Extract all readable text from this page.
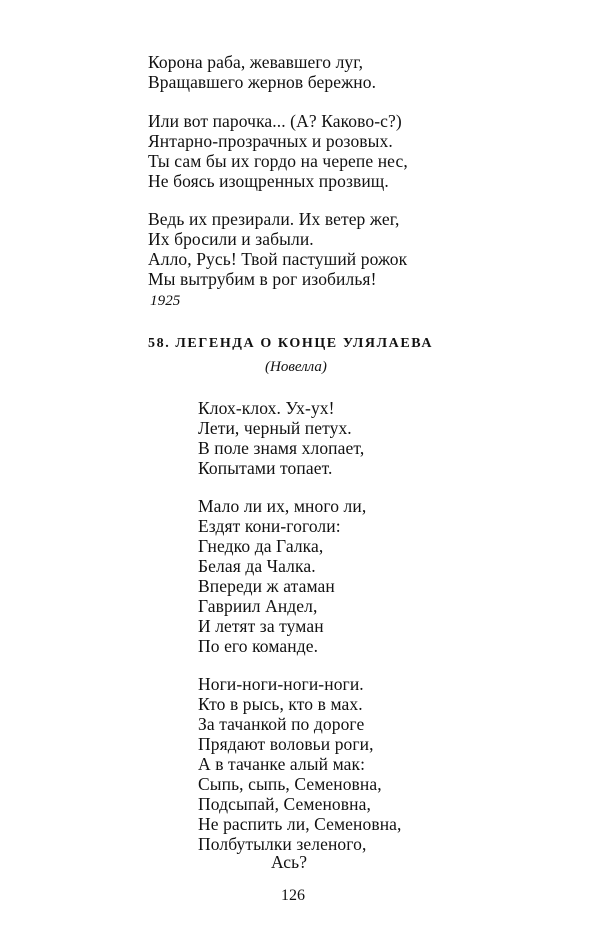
Корона раба, жевавшего луг,
Вращавшего жернов бережно.
Или вот парочка... (А? Каково-с?)
Янтарно-прозрачных и розовых.
Ты сам бы их гордо на черепе нес,
Не боясь изощренных прозвищ.
Ведь их презирали. Их ветер жег,
Их бросили и забыли.
Алло, Русь! Твой пастуший рожок
Мы вытрубим в рог изобилья!
1925
58. ЛЕГЕНДА О КОНЦЕ УЛЯЛАЕВА
(Новелла)
Клох-клох. Ух-ух!
Лети, черный петух.
В поле знамя хлопает,
Копытами топает.
Мало ли их, много ли,
Ездят кони-гоголи:
Гнедко да Галка,
Белая да Чалка.
Впереди ж атаман
Гавриил Андел,
И летят за туман
По его команде.
Ноги-ноги-ноги-ноги.
Кто в рысь, кто в мах.
За тачанкой по дороге
Прядают воловьи роги,
А в тачанке алый мак:
Сыпь, сыпь, Семеновна,
Подсыпай, Семеновна,
Не распить ли, Семеновна,
Полбутылки зеленого,
Ась?
126
